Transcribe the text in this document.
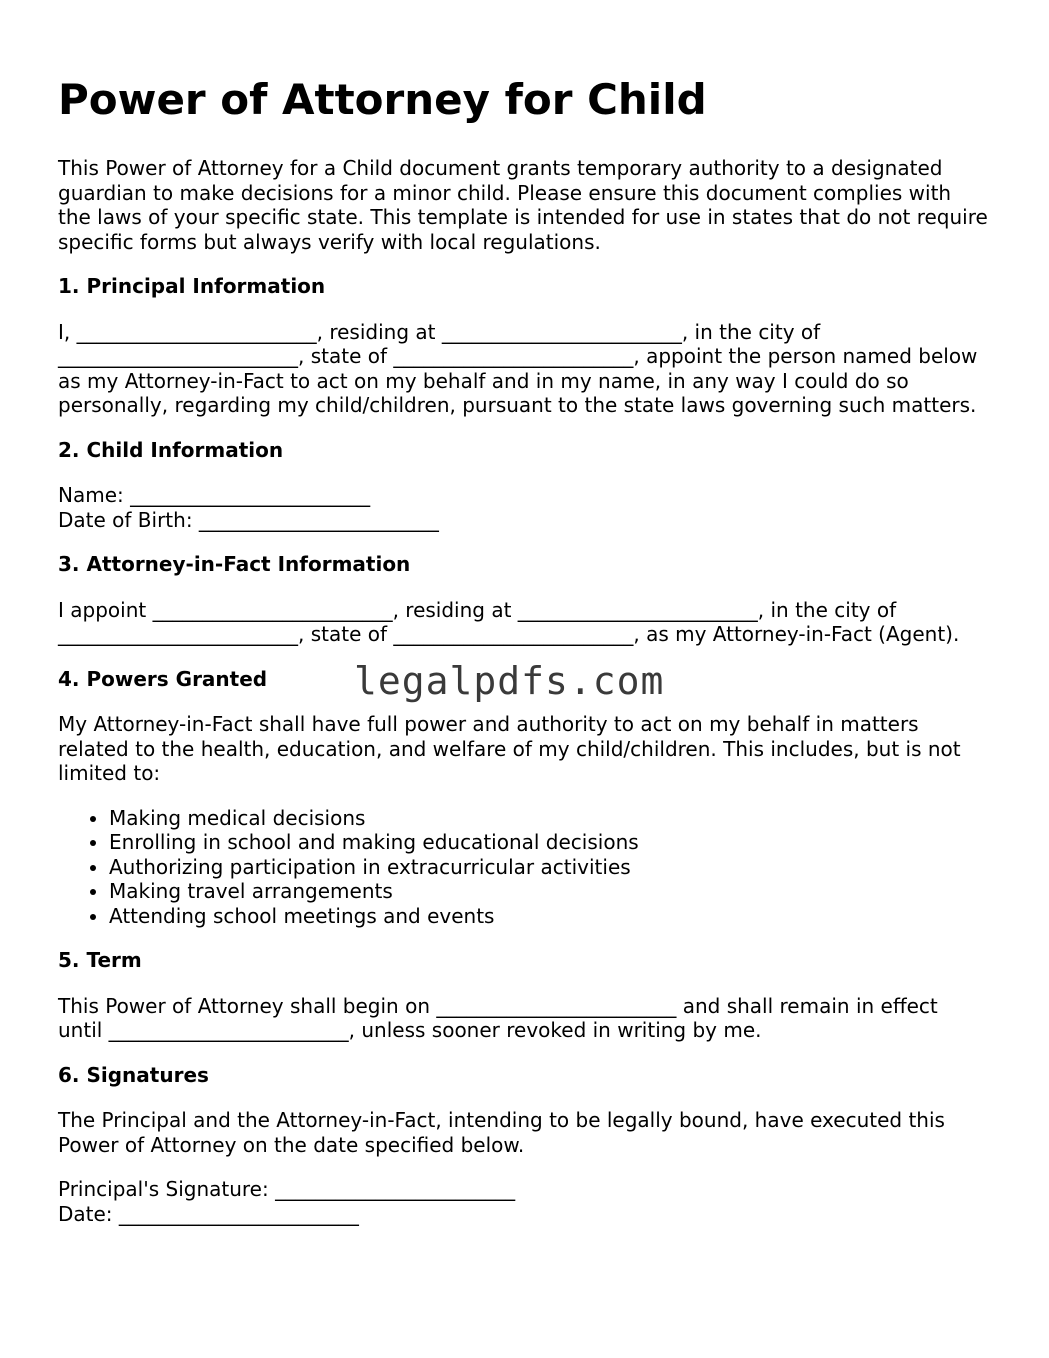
Power of Attorney for Child

This Power of Attorney for a Child document grants temporary authority to a designated guardian to make decisions for a minor child. Please ensure this document complies with the laws of your specific state. This template is intended for use in states that do not require specific forms but always verify with local regulations.

1. Principal Information

I, ________________________, residing at ________________________, in the city of ________________________, state of ________________________, appoint the person named below as my Attorney-in-Fact to act on my behalf and in my name, in any way I could do so personally, regarding my child/children, pursuant to the state laws governing such matters.

2. Child Information

Name: ________________________
Date of Birth: ________________________

3. Attorney-in-Fact Information

I appoint ________________________, residing at ________________________, in the city of ________________________, state of ________________________, as my Attorney-in-Fact (Agent).

4. Powers Granted

My Attorney-in-Fact shall have full power and authority to act on my behalf in matters related to the health, education, and welfare of my child/children. This includes, but is not limited to:

• Making medical decisions
• Enrolling in school and making educational decisions
• Authorizing participation in extracurricular activities
• Making travel arrangements
• Attending school meetings and events
5. Term

This Power of Attorney shall begin on ________________________ and shall remain in effect until ________________________, unless sooner revoked in writing by me.

6. Signatures

The Principal and the Attorney-in-Fact, intending to be legally bound, have executed this Power of Attorney on the date specified below.

Principal's Signature: ________________________
Date: ________________________

legalpdfs.com
